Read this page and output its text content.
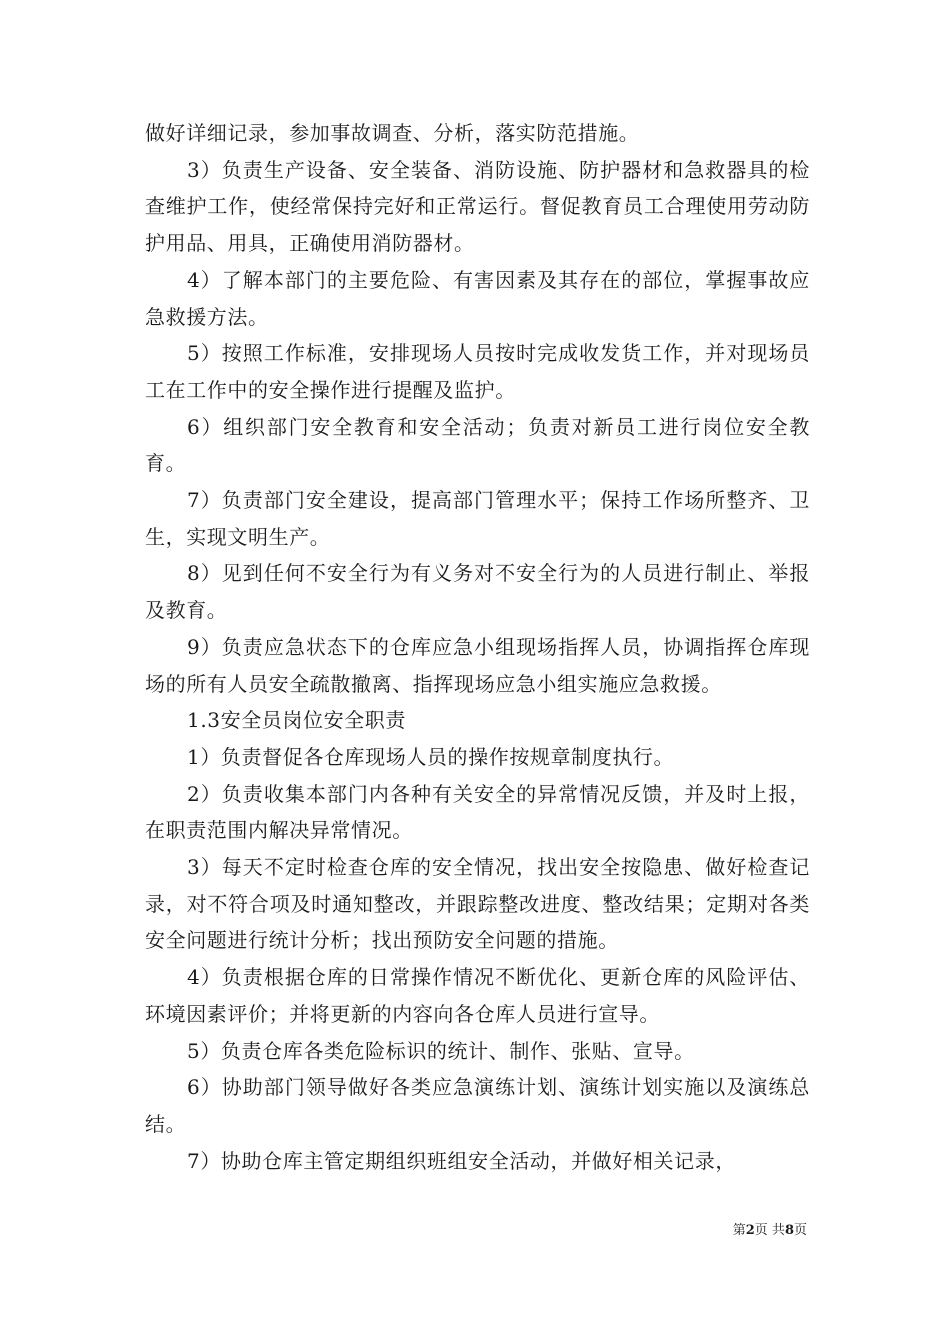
做好详细记录，参加事故调查、分析，落实防范措施。

3）负责生产设备、安全装备、消防设施、防护器材和急救器具的检查维护工作，使经常保持完好和正常运行。督促教育员工合理使用劳动防护用品、用具，正确使用消防器材。

4）了解本部门的主要危险、有害因素及其存在的部位，掌握事故应急救援方法。

5）按照工作标准，安排现场人员按时完成收发货工作，并对现场员工在工作中的安全操作进行提醒及监护。

6）组织部门安全教育和安全活动；负责对新员工进行岗位安全教育。

7）负责部门安全建设，提高部门管理水平；保持工作场所整齐、卫生，实现文明生产。

8）见到任何不安全行为有义务对不安全行为的人员进行制止、举报及教育。

9）负责应急状态下的仓库应急小组现场指挥人员，协调指挥仓库现场的所有人员安全疏散撤离、指挥现场应急小组实施应急救援。

1.3安全员岗位安全职责

1）负责督促各仓库现场人员的操作按规章制度执行。

2）负责收集本部门内各种有关安全的异常情况反馈，并及时上报，在职责范围内解决异常情况。

3）每天不定时检查仓库的安全情况，找出安全按隐患、做好检查记录，对不符合项及时通知整改，并跟踪整改进度、整改结果；定期对各类安全问题进行统计分析；找出预防安全问题的措施。

4）负责根据仓库的日常操作情况不断优化、更新仓库的风险评估、环境因素评价；并将更新的内容向各仓库人员进行宣导。

5）负责仓库各类危险标识的统计、制作、张贴、宣导。

6）协助部门领导做好各类应急演练计划、演练计划实施以及演练总结。

7）协助仓库主管定期组织班组安全活动，并做好相关记录，

第2页 共8页
